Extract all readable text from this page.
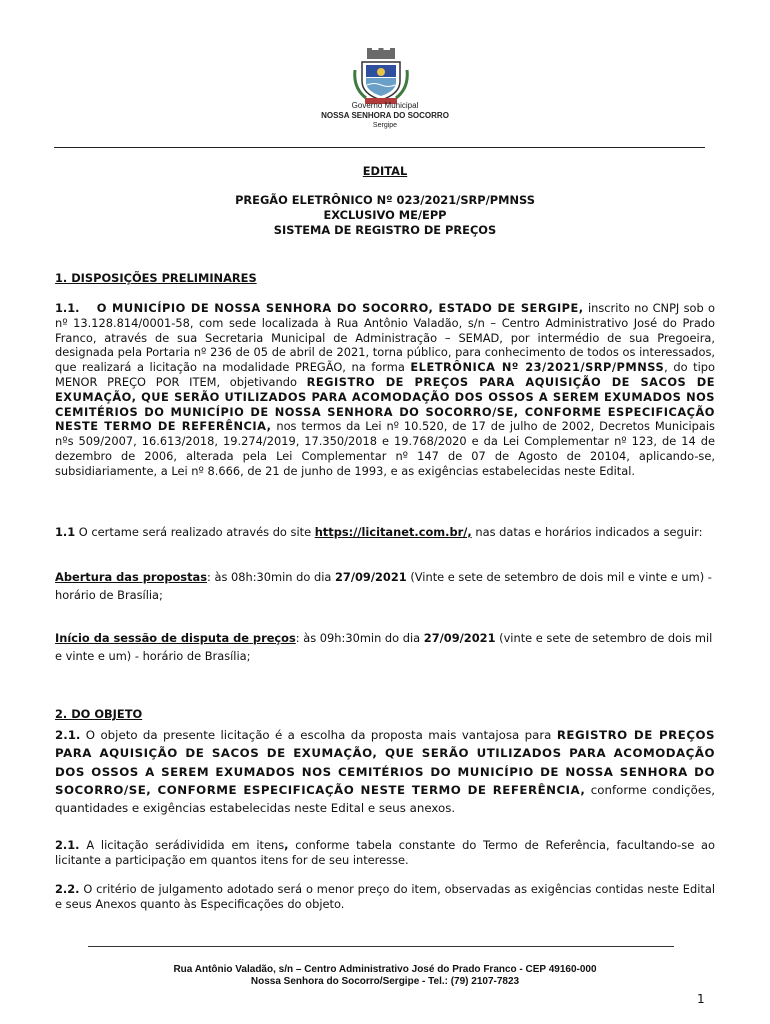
Governo Municipal
NOSSA SENHORA DO SOCORRO
Sergipe
EDITAL
PREGÃO ELETRÔNICO Nº 023/2021/SRP/PMNSS
EXCLUSIVO ME/EPP
SISTEMA DE REGISTRO DE PREÇOS
1. DISPOSIÇÕES PRELIMINARES

1.1. O MUNICÍPIO DE NOSSA SENHORA DO SOCORRO, ESTADO DE SERGIPE, inscrito no CNPJ sob o nº 13.128.814/0001-58, com sede localizada à Rua Antônio Valadão, s/n – Centro Administrativo José do Prado Franco, através de sua Secretaria Municipal de Administração – SEMAD, por intermédio de sua Pregoeira, designada pela Portaria nº 236 de 05 de abril de 2021, torna público, para conhecimento de todos os interessados, que realizará a licitação na modalidade PREGÃO, na forma ELETRÔNICA Nº 23/2021/SRP/PMNSS, do tipo MENOR PREÇO POR ITEM, objetivando REGISTRO DE PREÇOS PARA AQUISIÇÃO DE SACOS DE EXUMAÇÃO, QUE SERÃO UTILIZADOS PARA ACOMODAÇÃO DOS OSSOS A SEREM EXUMADOS NOS CEMITÉRIOS DO MUNICÍPIO DE NOSSA SENHORA DO SOCORRO/SE, CONFORME ESPECIFICAÇÃO NESTE TERMO DE REFERÊNCIA, nos termos da Lei nº 10.520, de 17 de julho de 2002, Decretos Municipais nºs 509/2007, 16.613/2018, 19.274/2019, 17.350/2018 e 19.768/2020 e da Lei Complementar nº 123, de 14 de dezembro de 2006, alterada pela Lei Complementar nº 147 de 07 de Agosto de 20104, aplicando-se, subsidiariamente, a Lei nº 8.666, de 21 de junho de 1993, e as exigências estabelecidas neste Edital.

1.1 O certame será realizado através do site https://licitanet.com.br/, nas datas e horários indicados a seguir:

Abertura das propostas: às 08h:30min do dia 27/09/2021 (Vinte e sete de setembro de dois mil e vinte e um) - horário de Brasília;

Início da sessão de disputa de preços: às 09h:30min do dia 27/09/2021 (vinte e sete de setembro de dois mil e vinte e um) - horário de Brasília;

2. DO OBJETO

2.1. O objeto da presente licitação é a escolha da proposta mais vantajosa para REGISTRO DE PREÇOS PARA AQUISIÇÃO DE SACOS DE EXUMAÇÃO, QUE SERÃO UTILIZADOS PARA ACOMODAÇÃO DOS OSSOS A SEREM EXUMADOS NOS CEMITÉRIOS DO MUNICÍPIO DE NOSSA SENHORA DO SOCORRO/SE, CONFORME ESPECIFICAÇÃO NESTE TERMO DE REFERÊNCIA, conforme condições, quantidades e exigências estabelecidas neste Edital e seus anexos.

2.1. A licitação serádividida em itens, conforme tabela constante do Termo de Referência, facultando-se ao licitante a participação em quantos itens for de seu interesse.

2.2. O critério de julgamento adotado será o menor preço do item, observadas as exigências contidas neste Edital e seus Anexos quanto às Especificações do objeto.

Rua Antônio Valadão, s/n – Centro Administrativo José do Prado Franco - CEP 49160-000
Nossa Senhora do Socorro/Sergipe - Tel.: (79) 2107-7823
1
